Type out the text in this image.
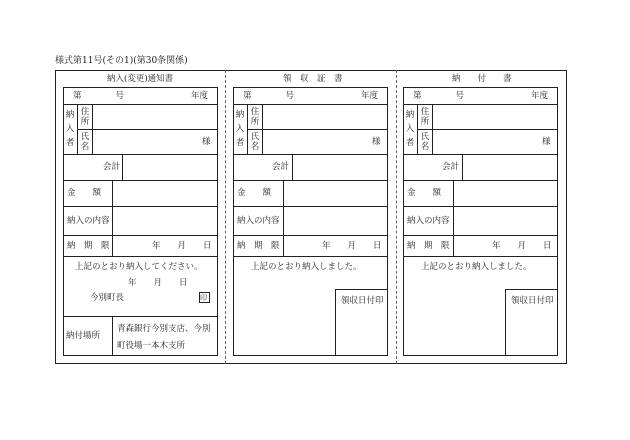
様式第11号(その1)(第30条関係)
納入(変更)通知書
第　　　　号	年度
納
入
者
住
所
氏
名	様
会計
金　　額
納入の内容
納　期　限	年　　月　　日
上記のとおり納入してください。
年　　月　　日
今別町長	印
納付場所
青森銀行今別支店、今別
町役場一本木支所
領　収　証　書
第　　　　号	年度
納
入
者
住
所
氏
名	様
会計
金　　額
納入の内容
納　期　限	年　　月　　日
上記のとおり納入しました。
領収日付印
納　　付　　書
第　　　　号	年度
納
入
者
住
所
氏
名	様
会計
金　　額
納入の内容
納　期　限	年　　月　　日
上記のとおり納入しました。
領収日付印
